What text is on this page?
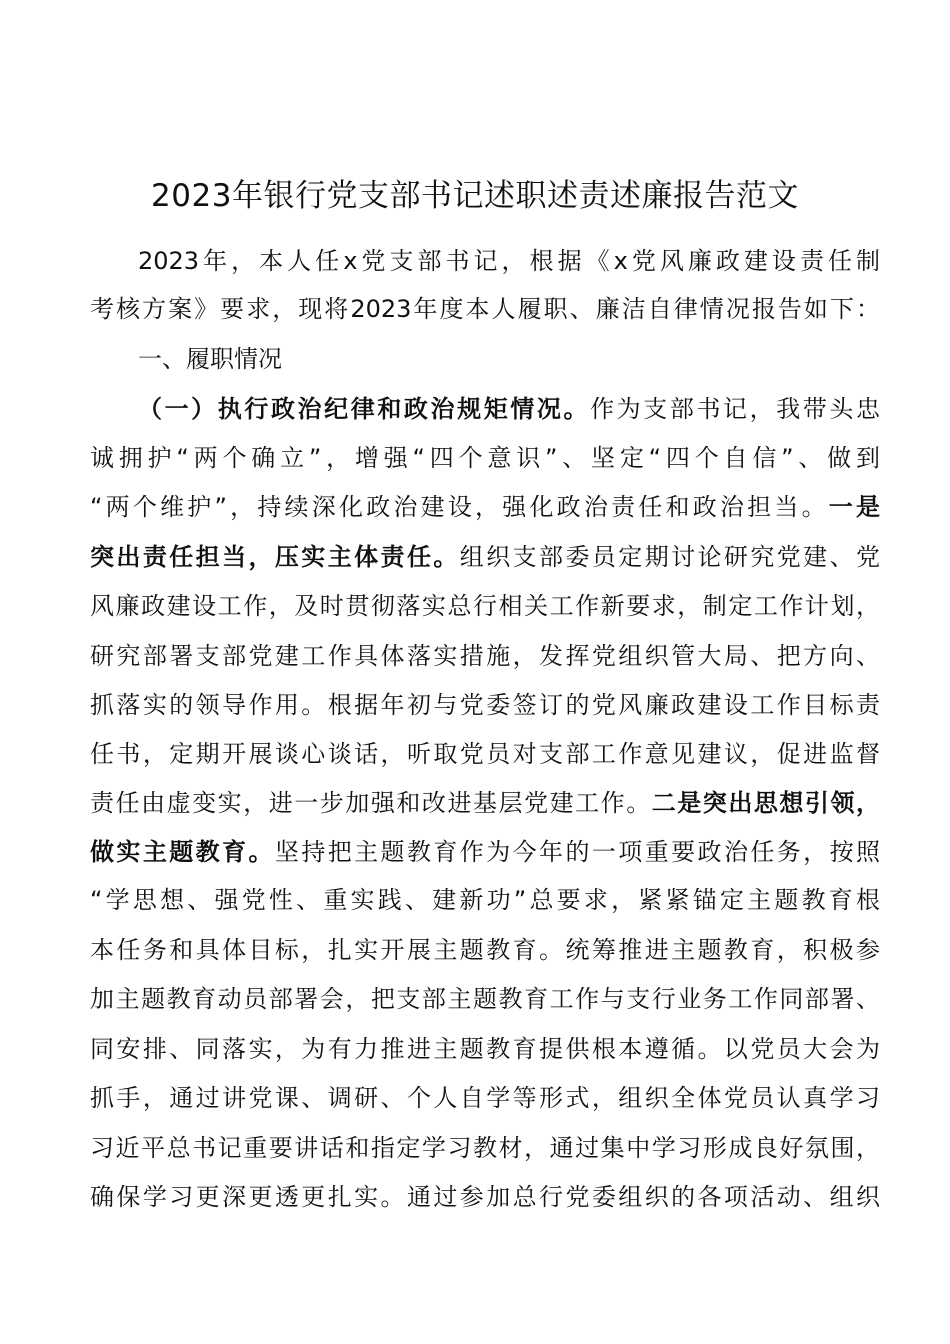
2023年银行党支部书记述职述责述廉报告范文
2023年，本人任x党支部书记，根据《x党风廉政建设责任制
考核方案》要求，现将2023年度本人履职、廉洁自律情况报告如下：
一、履职情况
（一）执行政治纪律和政治规矩情况。作为支部书记，我带头忠
诚拥护“两个确立”，增强“四个意识”、坚定“四个自信”、做到
“两个维护”，持续深化政治建设，强化政治责任和政治担当。一是
突出责任担当，压实主体责任。组织支部委员定期讨论研究党建、党
风廉政建设工作，及时贯彻落实总行相关工作新要求，制定工作计划，
研究部署支部党建工作具体落实措施，发挥党组织管大局、把方向、
抓落实的领导作用。根据年初与党委签订的党风廉政建设工作目标责
任书，定期开展谈心谈话，听取党员对支部工作意见建议，促进监督
责任由虚变实，进一步加强和改进基层党建工作。二是突出思想引领，
做实主题教育。坚持把主题教育作为今年的一项重要政治任务，按照
“学思想、强党性、重实践、建新功”总要求，紧紧锚定主题教育根
本任务和具体目标，扎实开展主题教育。统筹推进主题教育，积极参
加主题教育动员部署会，把支部主题教育工作与支行业务工作同部署、
同安排、同落实，为有力推进主题教育提供根本遵循。以党员大会为
抓手，通过讲党课、调研、个人自学等形式，组织全体党员认真学习
习近平总书记重要讲话和指定学习教材，通过集中学习形成良好氛围，
确保学习更深更透更扎实。通过参加总行党委组织的各项活动、组织
